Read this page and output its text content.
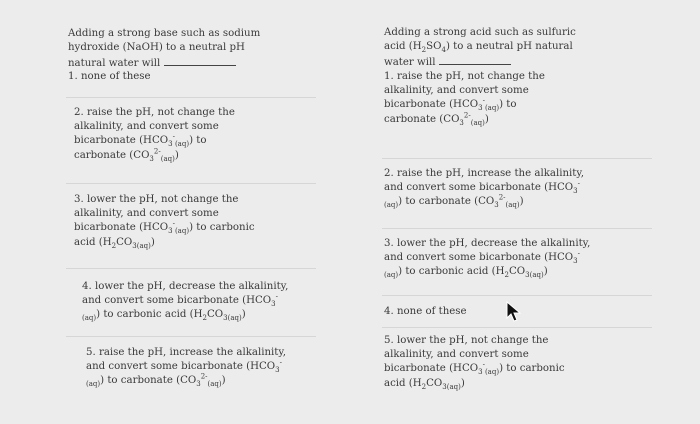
Adding a strong base such as sodium
hydroxide (NaOH) to a neutral pH
natural water will
1. none of these
2. raise the pH, not change the
alkalinity, and convert some
bicarbonate $(HCO_3^-_{(aq)})$ to
carbonate $(CO_3^{2-}_{(aq)})$
3. lower the pH, not change the
alkalinity, and convert some
bicarbonate $(HCO_3^-_{(aq)})$ to carbonic
acid $(H_2CO_{3(aq)})$
4. lower the pH, decrease the alkalinity,
and convert some bicarbonate ($HCO_3^-$
$_{(aq)}$) to carbonic acid $(H_2CO_{3(aq)})$
5. raise the pH, increase the alkalinity,
and convert some bicarbonate ($HCO_3^-$
$_{(aq)}$) to carbonate $(CO_3^{2-}_{(aq)})$
Adding a strong acid such as sulfuric
acid $(H_2SO_4)$ to a neutral pH natural
water will
1. raise the pH, not change the
alkalinity, and convert some
bicarbonate $(HCO_3^-_{(aq)})$ to
carbonate $(CO_3^{2-}_{(aq)})$
2. raise the pH, increase the alkalinity,
and convert some bicarbonate ($HCO_3^-$
$_{(aq)}$) to carbonate $(CO_3^{2-}_{(aq)})$
3. lower the pH, decrease the alkalinity,
and convert some bicarbonate ($HCO_3^-$
$_{(aq)}$) to carbonic acid $(H_2CO_{3(aq)})$
4. none of these
5. lower the pH, not change the
alkalinity, and convert some
bicarbonate $(HCO_3^-_{(aq)})$ to carbonic
acid $(H_2CO_{3(aq)})$
